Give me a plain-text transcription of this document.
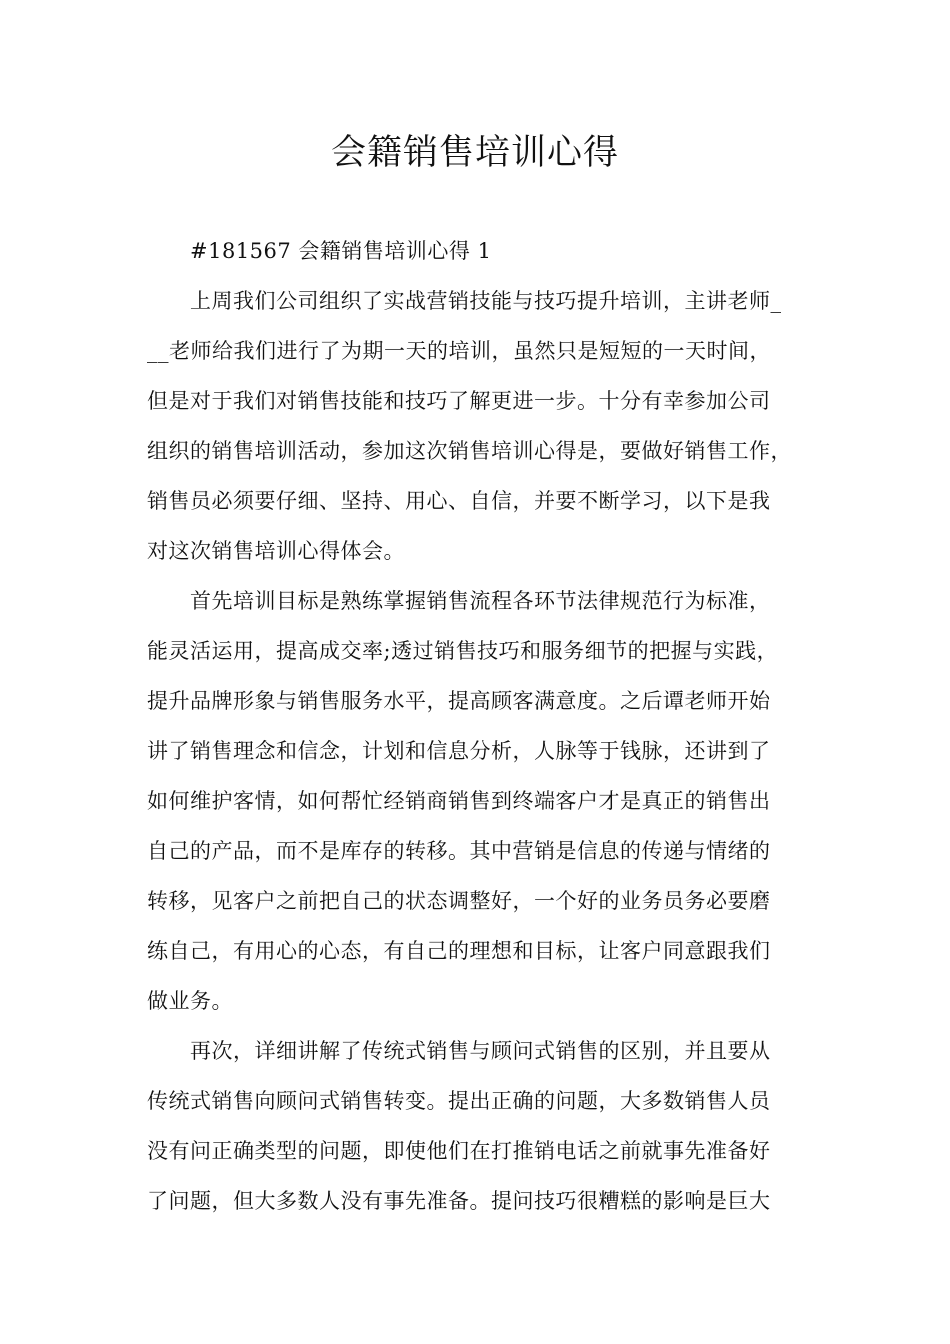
会籍销售培训心得
#181567 会籍销售培训心得 1
上周我们公司组织了实战营销技能与技巧提升培训，主讲老师_
__老师给我们进行了为期一天的培训，虽然只是短短的一天时间，
但是对于我们对销售技能和技巧了解更进一步。十分有幸参加公司
组织的销售培训活动，参加这次销售培训心得是，要做好销售工作，
销售员必须要仔细、坚持、用心、自信，并要不断学习，以下是我
对这次销售培训心得体会。
首先培训目标是熟练掌握销售流程各环节法律规范行为标准，
能灵活运用，提高成交率;透过销售技巧和服务细节的把握与实践，
提升品牌形象与销售服务水平，提高顾客满意度。之后谭老师开始
讲了销售理念和信念，计划和信息分析，人脉等于钱脉，还讲到了
如何维护客情，如何帮忙经销商销售到终端客户才是真正的销售出
自己的产品，而不是库存的转移。其中营销是信息的传递与情绪的
转移，见客户之前把自己的状态调整好，一个好的业务员务必要磨
练自己，有用心的心态，有自己的理想和目标，让客户同意跟我们
做业务。
再次，详细讲解了传统式销售与顾问式销售的区别，并且要从
传统式销售向顾问式销售转变。提出正确的问题，大多数销售人员
没有问正确类型的问题，即使他们在打推销电话之前就事先准备好
了问题，但大多数人没有事先准备。提问技巧很糟糕的影响是巨大
